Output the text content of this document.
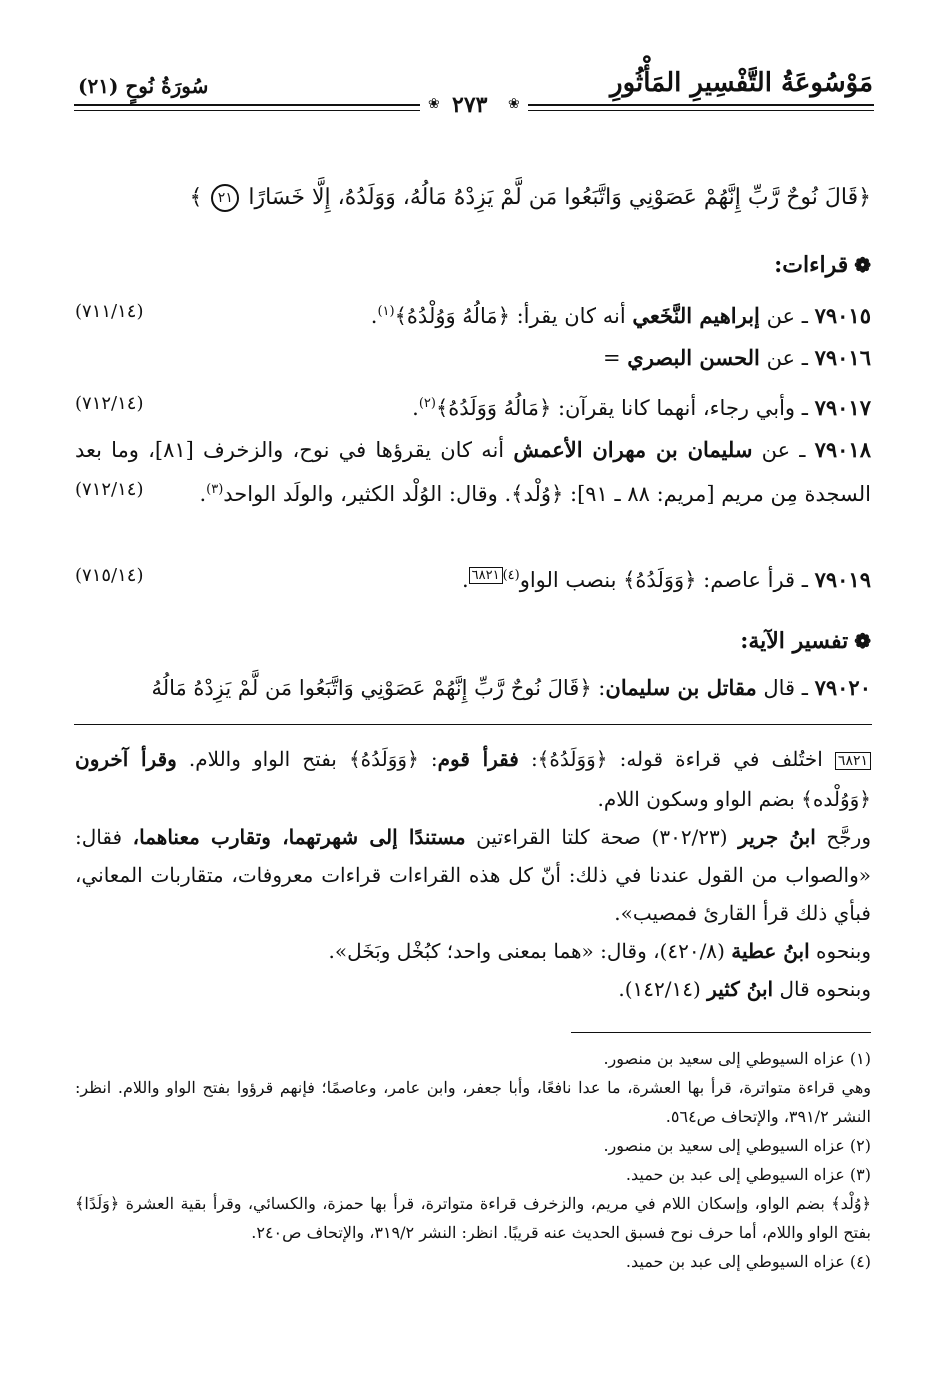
مَوْسُوعَةُ التَّفْسِيرِ المَأْثُورِ
سُورَةُ نُوحٍ (٢١)
٢٧٣
❀	❀
﴿قَالَ نُوحٌ رَّبِّ إِنَّهُمْ عَصَوْنِي وَاتَّبَعُوا مَن لَّمْ يَزِدْهُ مَالُهُ، وَوَلَدُهُ، إِلَّا خَسَارًا ٢١ ﴾
❁قراءات:
٧٩٠١٥ ـ عن إبراهيم النَّخَعي أنه كان يقرأ: ﴿مَالُهُ وَوُلْدُهُ﴾$^{(١)}$.
(٧١١/١٤)
٧٩٠١٦ ـ عن الحسن البصري =
٧٩٠١٧ ـ وأبي رجاء، أنهما كانا يقرآن: ﴿مَالُهُ وَوَلَدُهُ﴾$^{(٢)}$.
(٧١٢/١٤)
٧٩٠١٨ ـ عن سليمان بن مهران الأعمش أنه كان يقرؤها في نوح، والزخرف [٨١]، وما بعد السجدة مِن مريم [مريم: ٨٨ ـ ٩١]: ﴿وُلْد﴾. وقال: الوُلْد الكثير، والولَد الواحد$^{(٣)}$.
(٧١٢/١٤)
٧٩٠١٩ ـ قرأ عاصم: ﴿وَوَلَدُهُ﴾ بنصب الواو$^{(٤)٦٨٢١}$.
(٧١٥/١٤)
❁تفسير الآية:
٧٩٠٢٠ ـ قال مقاتل بن سليمان: ﴿قَالَ نُوحٌ رَّبِّ إِنَّهُمْ عَصَوْنِي وَاتَّبَعُوا مَن لَّمْ يَزِدْهُ مَالُهُ

٦٨٢١ اختُلف في قراءة قوله: ﴿وَوَلَدُهُ﴾: فقرأ قوم: ﴿وَوَلَدُهُ﴾ بفتح الواو واللام. وقرأ آخرون ﴿وَوُلْده﴾ بضم الواو وسكون اللام.

ورجَّح ابنُ جرير (٣٠٢/٢٣) صحة كلتا القراءتين مستندًا إلى شهرتهما، وتقارب معناهما، فقال: «والصواب من القول عندنا في ذلك: أنّ كل هذه القراءات قراءات معروفات، متقاربات المعاني، فبأي ذلك قرأ القارئ فمصيب».

وبنحوه ابنُ عطية (٤٢٠/٨)، وقال: «هما بمعنى واحد؛ كبُخْل وبَخَل».

وبنحوه قال ابنُ كثير (١٤٢/١٤).

(١) عزاه السيوطي إلى سعيد بن منصور.

وهي قراءة متواترة، قرأ بها العشرة، ما عدا نافعًا، وأبا جعفر، وابن عامر، وعاصمًا؛ فإنهم قرؤوا بفتح الواو واللام. انظر: النشر ٣٩١/٢، والإتحاف ص٥٦٤.

(٢) عزاه السيوطي إلى سعيد بن منصور.

(٣) عزاه السيوطي إلى عبد بن حميد.

﴿وُلْد﴾ بضم الواو، وإسكان اللام في مريم، والزخرف قراءة متواترة، قرأ بها حمزة، والكسائي، وقرأ بقية العشرة ﴿وَلَدًا﴾ بفتح الواو واللام، أما حرف نوح فسبق الحديث عنه قريبًا. انظر: النشر ٣١٩/٢، والإتحاف ص٢٤٠.

(٤) عزاه السيوطي إلى عبد بن حميد.
